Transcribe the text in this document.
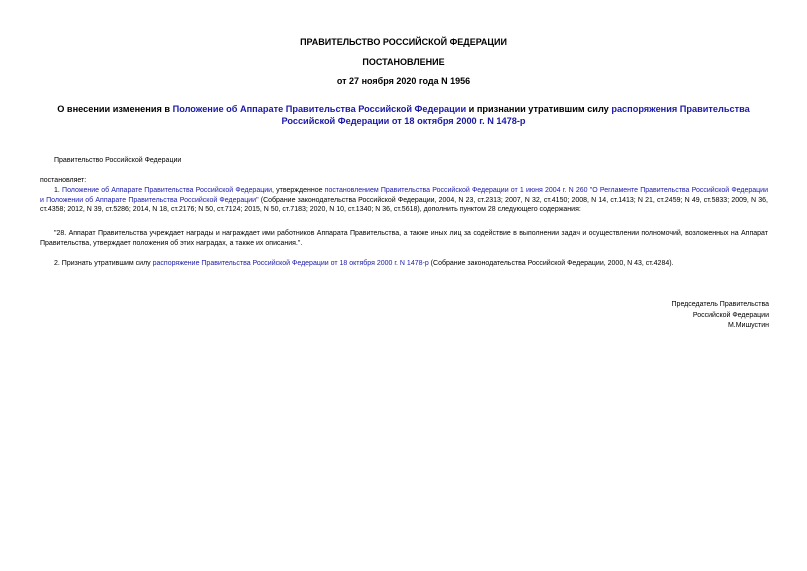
ПРАВИТЕЛЬСТВО РОССИЙСКОЙ ФЕДЕРАЦИИ
ПОСТАНОВЛЕНИЕ
от 27 ноября 2020 года N 1956
О внесении изменения в Положение об Аппарате Правительства Российской Федерации и признании утратившим силу распоряжения Правительства Российской Федерации от 18 октября 2000 г. N 1478-р
Правительство Российской Федерации
постановляет:
1. Положение об Аппарате Правительства Российской Федерации, утвержденное постановлением Правительства Российской Федерации от 1 июня 2004 г. N 260 "О Регламенте Правительства Российской Федерации и Положении об Аппарате Правительства Российской Федерации" (Собрание законодательства Российской Федерации, 2004, N 23, ст.2313; 2007, N 32, ст.4150; 2008, N 14, ст.1413; N 21, ст.2459; N 49, ст.5833; 2009, N 36, ст.4358; 2012, N 39, ст.5286; 2014, N 18, ст.2176; N 50, ст.7124; 2015, N 50, ст.7183; 2020, N 10, ст.1340; N 36, ст.5618), дополнить пунктом 28 следующего содержания:
"28. Аппарат Правительства учреждает награды и награждает ими работников Аппарата Правительства, а также иных лиц за содействие в выполнении задач и осуществлении полномочий, возложенных на Аппарат Правительства, утверждает положения об этих наградах, а также их описания.".
2. Признать утратившим силу распоряжение Правительства Российской Федерации от 18 октября 2000 г. N 1478-р (Собрание законодательства Российской Федерации, 2000, N 43, ст.4284).
Председатель Правительства
Российской Федерации
М.Мишустин
